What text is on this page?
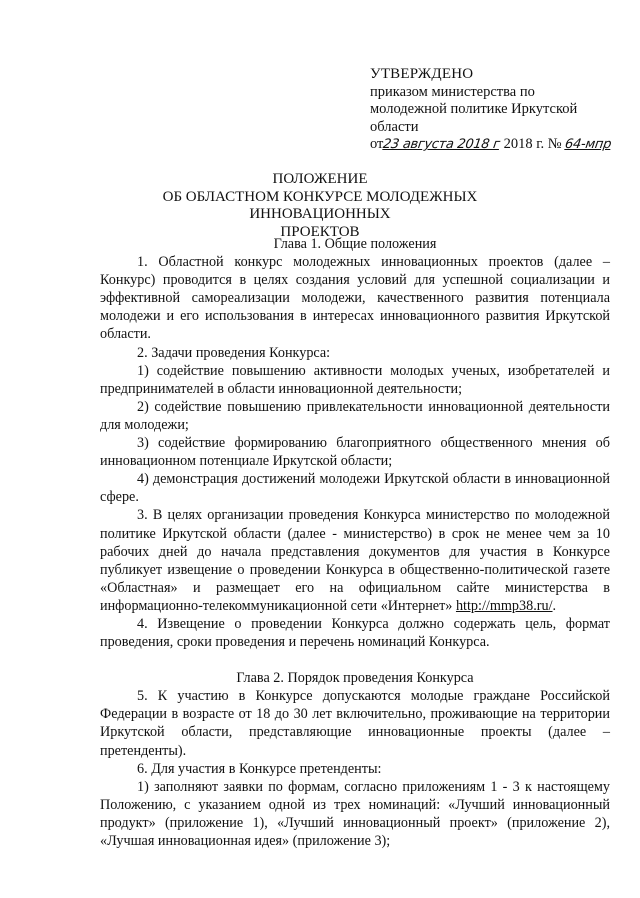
УТВЕРЖДЕНО
приказом министерства по
молодежной политике Иркутской
области
от23 августа 2018 г 2018 г. № 64-мпр
ПОЛОЖЕНИЕ
ОБ ОБЛАСТНОМ КОНКУРСЕ МОЛОДЕЖНЫХ ИННОВАЦИОННЫХ
ПРОЕКТОВ
Глава 1. Общие положения

1. Областной конкурс молодежных инновационных проектов (далее – Конкурс) проводится в целях создания условий для успешной социализации и эффективной самореализации молодежи, качественного развития потенциала молодежи и его использования в интересах инновационного развития Иркутской области.

2. Задачи проведения Конкурса:

1) содействие повышению активности молодых ученых, изобретателей и предпринимателей в области инновационной деятельности;

2) содействие повышению привлекательности инновационной деятельности для молодежи;

3) содействие формированию благоприятного общественного мнения об инновационном потенциале Иркутской области;

4) демонстрация достижений молодежи Иркутской области в инновационной сфере.

3. В целях организации проведения Конкурса министерство по молодежной политике Иркутской области (далее - министерство) в срок не менее чем за 10 рабочих дней до начала представления документов для участия в Конкурсе публикует извещение о проведении Конкурса в общественно-политической газете «Областная» и размещает его на официальном сайте министерства в информационно-телекоммуникационной сети «Интернет» http://mmp38.ru/.

4. Извещение о проведении Конкурса должно содержать цель, формат проведения, сроки проведения и перечень номинаций Конкурса.

Глава 2. Порядок проведения Конкурса

5. К участию в Конкурсе допускаются молодые граждане Российской Федерации в возрасте от 18 до 30 лет включительно, проживающие на территории Иркутской области, представляющие инновационные проекты (далее – претенденты).

6. Для участия в Конкурсе претенденты:

1) заполняют заявки по формам, согласно приложениям 1 - 3 к настоящему Положению, с указанием одной из трех номинаций: «Лучший инновационный продукт» (приложение 1), «Лучший инновационный проект» (приложение 2), «Лучшая инновационная идея» (приложение 3);
